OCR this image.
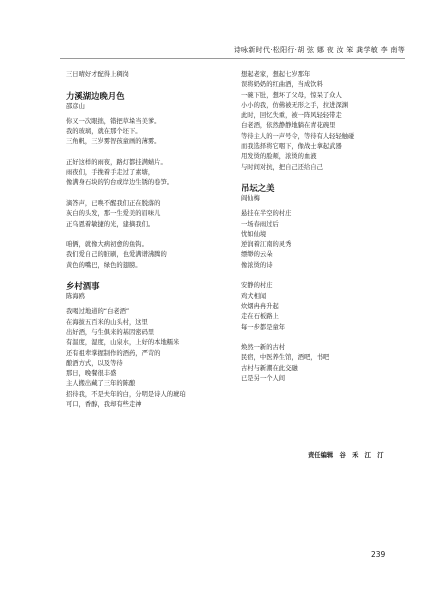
诗咏新时代·松阳行·胡 弦 娜 夜 汝 笨 龚学敏 李 南等
三日晴好才配得上稠岗
力溪湖边晚月色
邵彦山
你又一次眼拙，错把草垛当美爹。
我的玻璃，就在那个坯下。
三角帆，三岁雾智孩童画的薄雾。
正好这样的雨夜，路灯都挂满蜻片。
雨夜们，手挽着手走过了素塘，
像满身石块的钓台或岸边生锈的卷笋。
滴答声，已唤不醒我们正在脱落的
灰白的头发，那一生爱美的眉味儿
正乌恩着敏捷的光，建摘我们。
咱俩，就像大病初愈的鱼钩。
我们爱自己的脏刷，也爱满谱沸腾的
黄色的嘴巴，绿色的翅膀。
乡村酒事
陈海鸥
我喝过地道的“白老酒”
在海拔五百米的山头村，这里
出好酒，与生俱来的基因密码里
有温度，湿度，山泉水，上好的本地糯米
还有祖辈掌握制作的酒药，严苛的
酿酒方式，以及等待
那日，晚餐很丰盛
主人搬出藏了三年的陈酿
招待我，不是夫年的白，分明是诗人的琥珀
可口，香醇，我却有些走神
想起老家，想起七岁那年
误将奶奶的红曲酒，当成饮料
一碗下肚，想坏了父母，惊呆了众人
小小的我，仿佛被无形之手，拉进深渊
此时，回忆失重，被一阵风轻轻带走
白老酒，依然静静地躺在青花碗里
等待主人的一声号令，等待有人轻轻触碰
而我选择将它咽下，像战士拿起武器
用发烫的脸颊，浓烫的血液
与时间对抗，把自己还给自己
吊坛之美
阎仙梅
悬挂在半空的村庄
一场春雨过后
忧如仙境
逆润着江南的灵秀
缥缈的云朵
像浓烫的诗
安静的村庄
鸡犬相闻
炊烟冉冉升起
走在石板路上
每一步都是童年
焕然一新的古村
民宿，中医养生馆，酒吧，书吧
古村与新潮在此交融
已是另一个人间
责任编辑　谷　禾　江　汀
239
